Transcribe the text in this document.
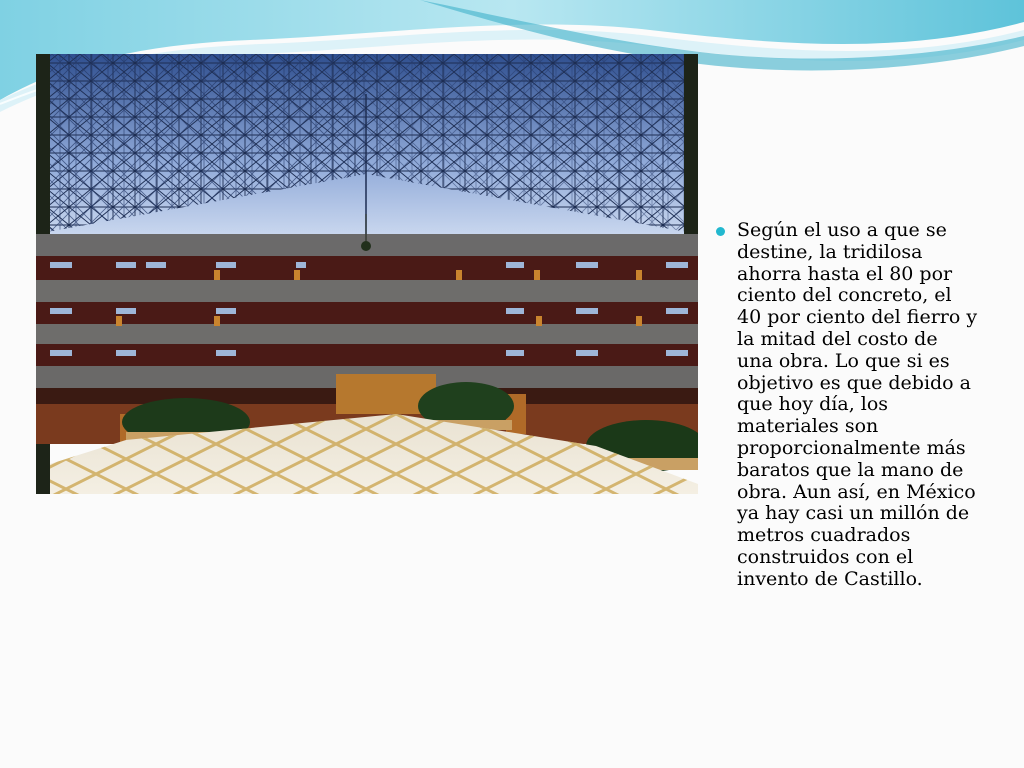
Según el uso a que se destine, la tridilosa ahorra hasta el 80 por ciento del concreto, el 40 por ciento del fierro y la mitad del costo de una obra. Lo que si es objetivo es que debido a que hoy día, los materiales son proporcionalmente más baratos que la mano de obra. Aun así, en México ya hay casi un millón de metros cuadrados construidos con el invento de Castillo.
